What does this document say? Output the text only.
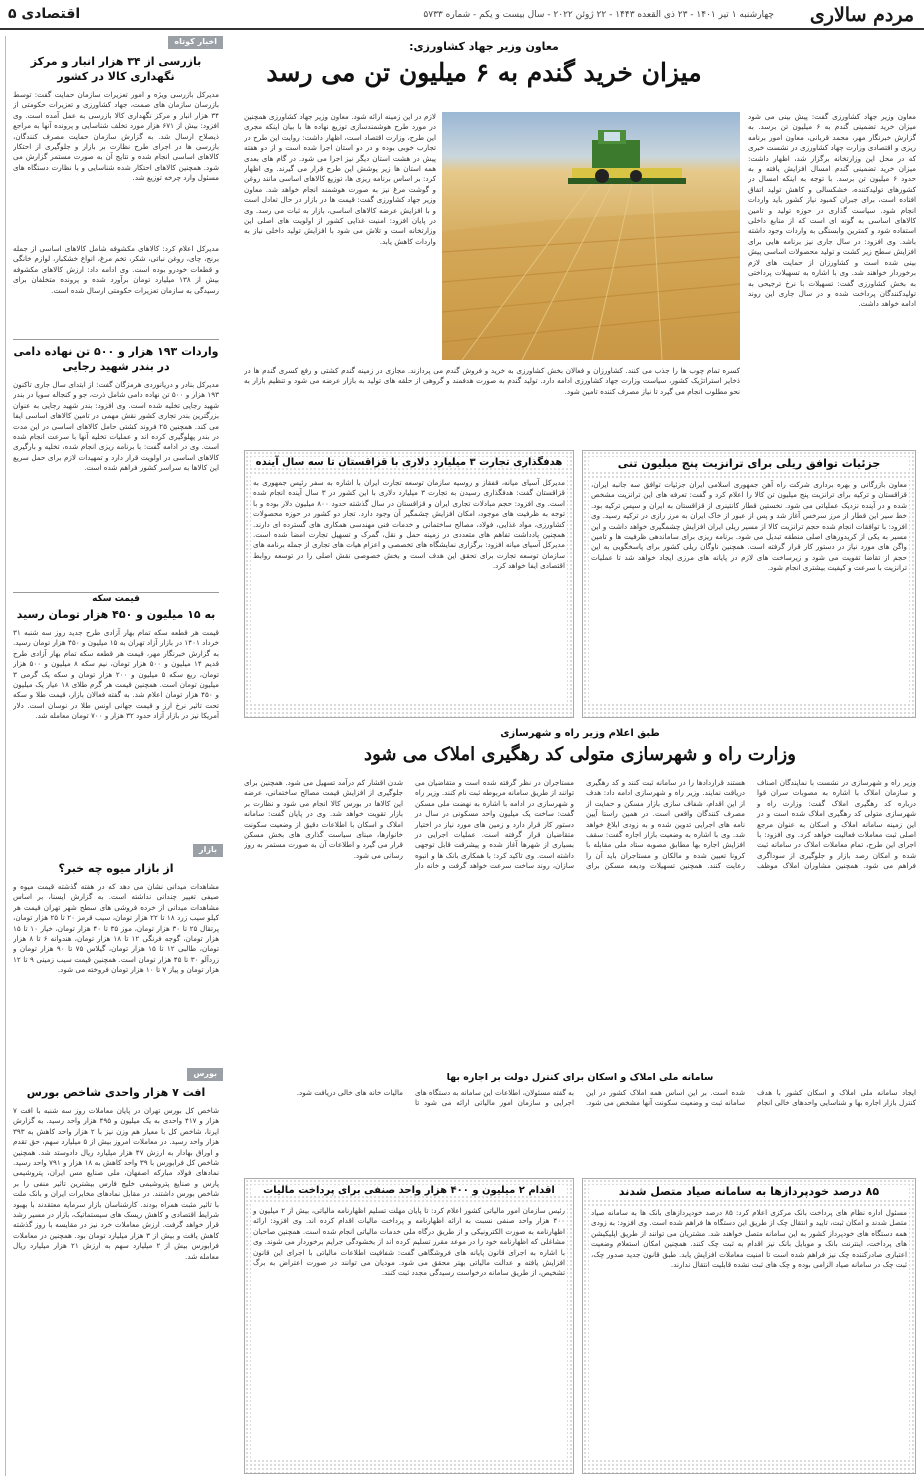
مردم سالاری
چهارشنبه ۱ تیر ۱۴۰۱ - ۲۳ ذی القعده ۱۴۴۳ - ۲۲ ژوئن ۲۰۲۲ - سال بیست و یکم - شماره ۵۷۳۳
اقتصادی ۵
اخبار کوتاه
بازرسی از ۳۴ هزار انبار و مرکز نگهداری کالا در کشور
مدیرکل بازرسی ویژه و امور تعزیرات سازمان حمایت گفت: توسط بازرسان سازمان های صمت، جهاد کشاورزی و تعزیرات حکومتی از ۳۴ هزار انبار و مرکز نگهداری کالا بازرسی به عمل آمده است. وی افزود: بیش از ۶۷۱ هزار مورد تخلف شناسایی و پرونده آنها به مراجع ذیصلاح ارسال شد. به گزارش سازمان حمایت مصرف کنندگان، بازرسی ها در اجرای طرح نظارت بر بازار و جلوگیری از احتکار کالاهای اساسی انجام شده و نتایج آن به صورت مستمر گزارش می شود. همچنین کالاهای احتکار شده شناسایی و با نظارت دستگاه های مسئول وارد چرخه توزیع شد.
مدیرکل اعلام کرد: کالاهای مکشوفه شامل کالاهای اساسی از جمله برنج، چای، روغن نباتی، شکر، تخم مرغ، انواع خشکبار، لوازم خانگی و قطعات خودرو بوده است. وی ادامه داد: ارزش کالاهای مکشوفه بیش از ۱۳۸ میلیارد تومان برآورد شده و پرونده متخلفان برای رسیدگی به سازمان تعزیرات حکومتی ارسال شده است.
واردات ۱۹۳ هزار و ۵۰۰ تن نهاده دامی در بندر شهید رجایی
مدیرکل بنادر و دریانوردی هرمزگان گفت: از ابتدای سال جاری تاکنون ۱۹۳ هزار و ۵۰۰ تن نهاده دامی شامل ذرت، جو و کنجاله سویا در بندر شهید رجایی تخلیه شده است. وی افزود: بندر شهید رجایی به عنوان بزرگترین بندر تجاری کشور نقش مهمی در تامین کالاهای اساسی ایفا می کند. همچنین ۲۵ فروند کشتی حامل کالاهای اساسی در این مدت در بندر پهلوگیری کرده اند و عملیات تخلیه آنها با سرعت انجام شده است. وی در ادامه گفت: با برنامه ریزی انجام شده، تخلیه و بارگیری کالاهای اساسی در اولویت قرار دارد و تمهیدات لازم برای حمل سریع این کالاها به سراسر کشور فراهم شده است.
قیمت سکه
به ۱۵ میلیون و ۴۵۰ هزار تومان رسید
قیمت هر قطعه سکه تمام بهار آزادی طرح جدید روز سه شنبه ۳۱ خرداد ۱۴۰۱ در بازار آزاد تهران به ۱۵ میلیون و ۴۵۰ هزار تومان رسید. به گزارش خبرنگار مهر، قیمت هر قطعه سکه تمام بهار آزادی طرح قدیم ۱۴ میلیون و ۵۰۰ هزار تومان، نیم سکه ۸ میلیون و ۵۰۰ هزار تومان، ربع سکه ۵ میلیون و ۲۰۰ هزار تومان و سکه یک گرمی ۳ میلیون تومان است. همچنین قیمت هر گرم طلای ۱۸ عیار یک میلیون و ۴۵۰ هزار تومان اعلام شد. به گفته فعالان بازار، قیمت طلا و سکه تحت تاثیر نرخ ارز و قیمت جهانی اونس طلا در نوسان است. دلار آمریکا نیز در بازار آزاد حدود ۳۲ هزار و ۷۰۰ تومان معامله شد.
بازار
از بازار میوه چه خبر؟
مشاهدات میدانی نشان می دهد که در هفته گذشته قیمت میوه و صیفی تغییر چندانی نداشته است. به گزارش ایسنا، بر اساس مشاهدات میدانی از خرده فروشی های سطح شهر تهران قیمت هر کیلو سیب زرد ۱۸ تا ۲۲ هزار تومان، سیب قرمز ۲۰ تا ۲۵ هزار تومان، پرتقال ۲۵ تا ۳۰ هزار تومان، موز ۳۵ تا ۴۰ هزار تومان، خیار ۱۰ تا ۱۵ هزار تومان، گوجه فرنگی ۱۲ تا ۱۸ هزار تومان، هندوانه ۶ تا ۸ هزار تومان، طالبی ۱۲ تا ۱۵ هزار تومان، گیلاس ۷۵ تا ۹۰ هزار تومان و زردآلو ۳۰ تا ۴۵ هزار تومان است. همچنین قیمت سیب زمینی ۹ تا ۱۲ هزار تومان و پیاز ۷ تا ۱۰ هزار تومان فروخته می شود.
بورس
افت ۷ هزار واحدی شاخص بورس
شاخص کل بورس تهران در پایان معاملات روز سه شنبه با افت ۷ هزار و ۴۱۷ واحدی به یک میلیون و ۴۹۵ هزار واحد رسید. به گزارش ایرنا، شاخص کل با معیار هم وزن نیز با ۲ هزار واحد کاهش به ۳۹۳ هزار واحد رسید. در معاملات امروز بیش از ۵ میلیارد سهم، حق تقدم و اوراق بهادار به ارزش ۴۷ هزار میلیارد ریال دادوستد شد. همچنین شاخص کل فرابورس با ۳۹ واحد کاهش به ۱۸ هزار و ۷۹۱ واحد رسید. نمادهای فولاد مبارکه اصفهان، ملی صنایع مس ایران، پتروشیمی پارس و صنایع پتروشیمی خلیج فارس بیشترین تاثیر منفی را بر شاخص بورس داشتند. در مقابل نمادهای مخابرات ایران و بانک ملت با تاثیر مثبت همراه بودند. کارشناسان بازار سرمایه معتقدند با بهبود شرایط اقتصادی و کاهش ریسک های سیستماتیک، بازار در مسیر رشد قرار خواهد گرفت. ارزش معاملات خرد نیز در مقایسه با روز گذشته کاهش یافت و بیش از ۳ هزار میلیارد تومان بود. همچنین در معاملات فرابورس بیش از ۲ میلیارد سهم به ارزش ۲۱ هزار میلیارد ریال معامله شد.
معاون وزیر جهاد کشاورزی:
میزان خرید گندم به ۶ میلیون تن می رسد
معاون وزیر جهاد کشاورزی گفت: پیش بینی می شود میزان خرید تضمینی گندم به ۶ میلیون تن برسد. به گزارش خبرنگار مهر، محمد قربانی، معاون امور برنامه ریزی و اقتصادی وزارت جهاد کشاورزی در نشست خبری که در محل این وزارتخانه برگزار شد، اظهار داشت: میزان خرید تضمینی گندم امسال افزایش یافته و به حدود ۶ میلیون تن برسد. با توجه به اینکه امسال در کشورهای تولیدکننده، خشکسالی و کاهش تولید اتفاق افتاده است، برای جبران کمبود نیاز کشور باید واردات انجام شود. سیاست گذاری در حوزه تولید و تامین کالاهای اساسی به گونه ای است که از منابع داخلی استفاده شود و کمترین وابستگی به واردات وجود داشته باشد. وی افزود: در سال جاری نیز برنامه هایی برای افزایش سطح زیر کشت و تولید محصولات اساسی پیش بینی شده است و کشاورزان از حمایت های لازم برخوردار خواهند شد. وی با اشاره به تسهیلات پرداختی به بخش کشاورزی گفت: تسهیلات با نرخ ترجیحی به تولیدکنندگان پرداخت شده و در سال جاری این روند ادامه خواهد داشت.
لازم در این زمینه ارائه شود. معاون وزیر جهاد کشاورزی همچنین در مورد طرح هوشمندسازی توزیع نهاده ها با بیان اینکه مجری این طرح، وزارت اقتصاد است، اظهار داشت: روایت این طرح در تجارب خوبی بوده و در دو استان اجرا شده است و از دو هفته پیش در هشت استان دیگر نیز اجرا می شود. در گام های بعدی همه استان ها زیر پوشش این طرح قرار می گیرند. وی اظهار کرد: بر اساس برنامه ریزی ها، توزیع کالاهای اساسی مانند روغن و گوشت مرغ نیز به صورت هوشمند انجام خواهد شد. معاون وزیر جهاد کشاورزی گفت: قیمت ها در بازار در حال تعادل است و با افزایش عرضه کالاهای اساسی، بازار به ثبات می رسد. وی در پایان افزود: امنیت غذایی کشور از اولویت های اصلی این وزارتخانه است و تلاش می شود با افزایش تولید داخلی نیاز به واردات کاهش یابد.
کسره تمام چوب ها را جذب می کنند. کشاورزان و فعالان بخش کشاورزی به خرید و فروش گندم می پردازند. مجازی در زمینه گندم کشتی و رفع کسری گندم ها در ذخایر استراتژیک کشور، سیاست وزارت جهاد کشاورزی ادامه دارد. تولید گندم به صورت هدفمند و گروهی از حلقه های تولید به بازار عرضه می شود و تنظیم بازار به نحو مطلوب انجام می گیرد تا نیاز مصرف کننده تامین شود.
جزئیات توافق ریلی برای ترانزیت پنج میلیون تنی
معاون بازرگانی و بهره برداری شرکت راه آهن جمهوری اسلامی ایران جزئیات توافق سه جانبه ایران، قزاقستان و ترکیه برای ترانزیت پنج میلیون تن کالا را اعلام کرد و گفت: تعرفه های این ترانزیت مشخص شده و در آینده نزدیک عملیاتی می شود. نخستین قطار کانتینری از قزاقستان به ایران و سپس ترکیه بود. خط سیر این قطار از مرز سرخس آغاز شد و پس از عبور از خاک ایران به مرز رازی در ترکیه رسید. وی افزود: با توافقات انجام شده حجم ترانزیت کالا از مسیر ریلی ایران افزایش چشمگیری خواهد داشت و این مسیر به یکی از کریدورهای اصلی منطقه تبدیل می شود. برنامه ریزی برای ساماندهی ظرفیت ها و تامین واگن های مورد نیاز در دستور کار قرار گرفته است. همچنین ناوگان ریلی کشور برای پاسخگویی به این حجم از تقاضا تقویت می شود و زیرساخت های لازم در پایانه های مرزی ایجاد خواهد شد تا عملیات ترانزیت با سرعت و کیفیت بیشتری انجام شود.
هدفگذاری تجارت ۳ میلیارد دلاری با قزاقستان تا سه سال آینده
مدیرکل آسیای میانه، قفقاز و روسیه سازمان توسعه تجارت ایران با اشاره به سفر رئیس جمهوری به قزاقستان گفت: هدفگذاری رسیدن به تجارت ۳ میلیارد دلاری با این کشور در ۳ سال آینده انجام شده است. وی افزود: حجم مبادلات تجاری ایران و قزاقستان در سال گذشته حدود ۸۰۰ میلیون دلار بوده و با توجه به ظرفیت های موجود، امکان افزایش چشمگیر آن وجود دارد. تجار دو کشور در حوزه محصولات کشاورزی، مواد غذایی، فولاد، مصالح ساختمانی و خدمات فنی مهندسی همکاری های گسترده ای دارند. همچنین یادداشت تفاهم های متعددی در زمینه حمل و نقل، گمرک و تسهیل تجارت امضا شده است. مدیرکل آسیای میانه افزود: برگزاری نمایشگاه های تخصصی و اعزام هیات های تجاری از جمله برنامه های سازمان توسعه تجارت برای تحقق این هدف است و بخش خصوصی نقش اصلی را در توسعه روابط اقتصادی ایفا خواهد کرد.
طبق اعلام وزیر راه و شهرسازی
وزارت راه و شهرسازی متولی کد رهگیری املاک می شود
وزیر راه و شهرسازی در نشست با نمایندگان اصناف و سازمان املاک با اشاره به مصوبات سران قوا درباره کد رهگیری املاک گفت: وزارت راه و شهرسازی متولی کد رهگیری املاک شده است و در این زمینه سامانه املاک و اسکان به عنوان مرجع اصلی ثبت معاملات فعالیت خواهد کرد. وی افزود: با اجرای این طرح، تمام معاملات املاک در سامانه ثبت شده و امکان رصد بازار و جلوگیری از سوداگری فراهم می شود. همچنین مشاوران املاک موظف هستند قراردادها را در سامانه ثبت کنند و کد رهگیری دریافت نمایند. وزیر راه و شهرسازی ادامه داد: هدف از این اقدام، شفاف سازی بازار مسکن و حمایت از مصرف کنندگان واقعی است. در همین راستا آیین نامه های اجرایی تدوین شده و به زودی ابلاغ خواهد شد. وی با اشاره به وضعیت بازار اجاره گفت: سقف افزایش اجاره بها مطابق مصوبه ستاد ملی مقابله با کرونا تعیین شده و مالکان و مستاجران باید آن را رعایت کنند. همچنین تسهیلات ودیعه مسکن برای مستاجران در نظر گرفته شده است و متقاضیان می توانند از طریق سامانه مربوطه ثبت نام کنند. وزیر راه و شهرسازی در ادامه با اشاره به نهضت ملی مسکن گفت: ساخت یک میلیون واحد مسکونی در سال در دستور کار قرار دارد و زمین های مورد نیاز در اختیار متقاضیان قرار گرفته است. عملیات اجرایی در بسیاری از شهرها آغاز شده و پیشرفت قابل توجهی داشته است. وی تاکید کرد: با همکاری بانک ها و انبوه سازان، روند ساخت سرعت خواهد گرفت و خانه دار شدن اقشار کم درآمد تسهیل می شود. همچنین برای جلوگیری از افزایش قیمت مصالح ساختمانی، عرضه این کالاها در بورس کالا انجام می شود و نظارت بر بازار تقویت خواهد شد. وی در پایان گفت: سامانه املاک و اسکان با اطلاعات دقیق از وضعیت سکونت خانوارها، مبنای سیاست گذاری های بخش مسکن قرار می گیرد و اطلاعات آن به صورت مستمر به روز رسانی می شود.
سامانه ملی املاک و اسکان برای کنترل دولت بر اجاره بها
ایجاد سامانه ملی املاک و اسکان کشور با هدف کنترل بازار اجاره بها و شناسایی واحدهای خالی انجام شده است. بر این اساس همه املاک کشور در این سامانه ثبت و وضعیت سکونت آنها مشخص می شود. به گفته مسئولان، اطلاعات این سامانه به دستگاه های اجرایی و سازمان امور مالیاتی ارائه می شود تا مالیات خانه های خالی دریافت شود.
۸۵ درصد خودپردازها به سامانه صیاد متصل شدند
مسئول اداره نظام های پرداخت بانک مرکزی اعلام کرد: ۸۵ درصد خودپردازهای بانک ها به سامانه صیاد متصل شدند و امکان ثبت، تایید و انتقال چک از طریق این دستگاه ها فراهم شده است. وی افزود: به زودی همه دستگاه های خودپرداز کشور به این سامانه متصل خواهند شد. مشتریان می توانند از طریق اپلیکیشن های پرداخت، اینترنت بانک و موبایل بانک نیز اقدام به ثبت چک کنند. همچنین امکان استعلام وضعیت اعتباری صادرکننده چک نیز فراهم شده است تا امنیت معاملات افزایش یابد. طبق قانون جدید صدور چک، ثبت چک در سامانه صیاد الزامی بوده و چک های ثبت نشده قابلیت انتقال ندارند.
اقدام ۲ میلیون و ۴۰۰ هزار واحد صنفی برای پرداخت مالیات
رئیس سازمان امور مالیاتی کشور اعلام کرد: تا پایان مهلت تسلیم اظهارنامه مالیاتی، بیش از ۲ میلیون و ۴۰۰ هزار واحد صنفی نسبت به ارائه اظهارنامه و پرداخت مالیات اقدام کرده اند. وی افزود: ارائه اظهارنامه به صورت الکترونیکی و از طریق درگاه ملی خدمات مالیاتی انجام شده است. همچنین صاحبان مشاغلی که اظهارنامه خود را در موعد مقرر تسلیم کرده اند از بخشودگی جرایم برخوردار می شوند. وی با اشاره به اجرای قانون پایانه های فروشگاهی گفت: شفافیت اطلاعات مالیاتی با اجرای این قانون افزایش یافته و عدالت مالیاتی بهتر محقق می شود. مودیان می توانند در صورت اعتراض به برگ تشخیص، از طریق سامانه درخواست رسیدگی مجدد ثبت کنند.
